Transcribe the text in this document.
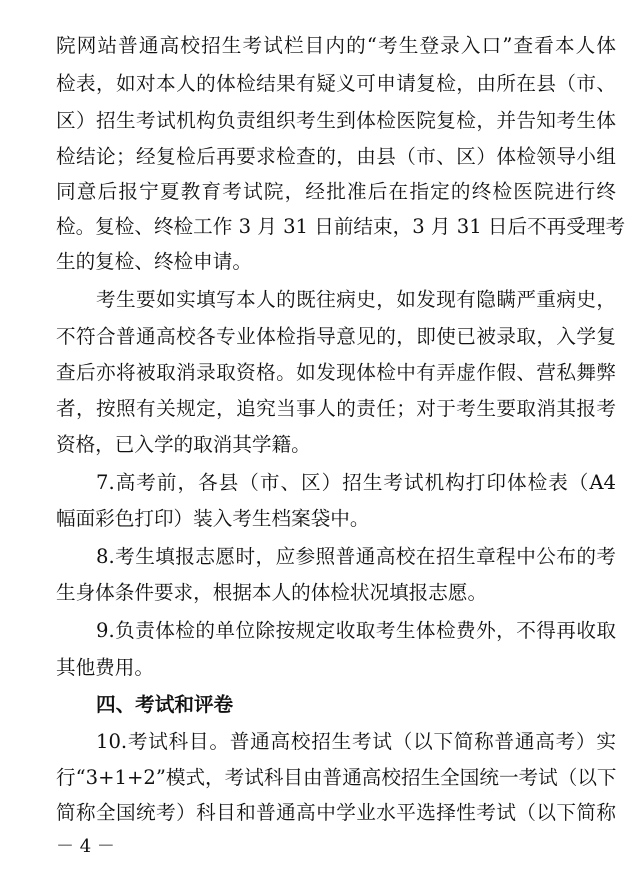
院网站普通高校招生考试栏目内的“考生登录入口”查看本人体
检表，如对本人的体检结果有疑义可申请复检，由所在县（市、
区）招生考试机构负责组织考生到体检医院复检，并告知考生体
检结论；经复检后再要求检查的，由县（市、区）体检领导小组
同意后报宁夏教育考试院，经批准后在指定的终检医院进行终
检。复检、终检工作 3 月 31 日前结束，3 月 31 日后不再受理考
生的复检、终检申请。
考生要如实填写本人的既往病史，如发现有隐瞒严重病史，
不符合普通高校各专业体检指导意见的，即使已被录取，入学复
查后亦将被取消录取资格。如发现体检中有弄虚作假、营私舞弊
者，按照有关规定，追究当事人的责任；对于考生要取消其报考
资格，已入学的取消其学籍。
7.高考前，各县（市、区）招生考试机构打印体检表（A4
幅面彩色打印）装入考生档案袋中。
8.考生填报志愿时，应参照普通高校在招生章程中公布的考
生身体条件要求，根据本人的体检状况填报志愿。
9.负责体检的单位除按规定收取考生体检费外，不得再收取
其他费用。
四、考试和评卷
10.考试科目。普通高校招生考试（以下简称普通高考）实
行“3+1+2”模式，考试科目由普通高校招生全国统一考试（以下
简称全国统考）科目和普通高中学业水平选择性考试（以下简称
－ 4 －
